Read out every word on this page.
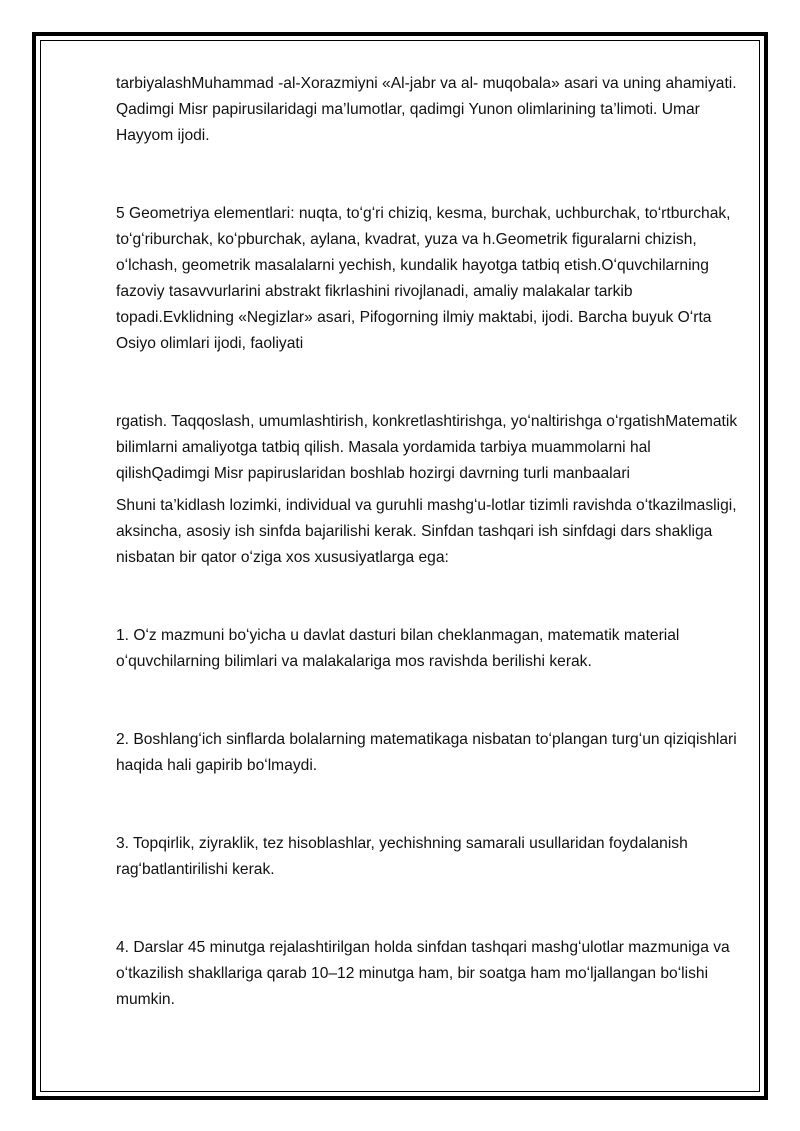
tarbiyalashMuhammad -al-Xorazmiyni «Al-jabr va al- muqobala» asari va uning ahamiyati. Qadimgi Misr papirusilaridagi ma’lumotlar, qadimgi Yunon olimlarining ta’limoti. Umar Hayyom ijodi.

5 Geometriya elementlari: nuqta, toʻgʻri chiziq, kesma, burchak, uchburchak, toʻrtburchak, toʻgʻriburchak, koʻpburchak, aylana, kvadrat, yuza va h.Geometrik figuralarni chizish, oʻlchash, geometrik masalalarni yechish, kundalik hayotga tatbiq etish.Oʻquvchilarning fazoviy tasavvurlarini abstrakt fikrlashini rivojlanadi, amaliy malakalar tarkib topadi.Evklidning «Negizlar» asari, Pifogorning ilmiy maktabi, ijodi. Barcha buyuk Oʻrta Osiyo olimlari ijodi, faoliyati

rgatish. Taqqoslash, umumlashtirish, konkretlashtirishga, yoʻnaltirishga oʻrgatishMatematik bilimlarni amaliyotga tatbiq qilish. Masala yordamida tarbiya muammolarni hal qilishQadimgi Misr papiruslaridan boshlab hozirgi davrning turli manbaalari

Shuni ta’kidlash lozimki, individual va guruhli mashgʻu-lotlar tizimli ravishda oʻtkazilmasligi, aksincha, asosiy ish sinfda bajarilishi kerak. Sinfdan tashqari ish sinfdagi dars shakliga nisbatan bir qator oʻziga xos xususiyatlarga ega:

1. Oʻz mazmuni boʻyicha u davlat dasturi bilan cheklanmagan, matematik material oʻquvchilarning bilimlari va malakalariga mos ravishda berilishi kerak.

2. Boshlangʻich sinflarda bolalarning matematikaga nisbatan toʻplangan turgʻun qiziqishlari haqida hali gapirib boʻlmaydi.

3. Topqirlik, ziyraklik, tez hisoblashlar, yechishning samarali usullaridan foydalanish ragʻbatlantirilishi kerak.

4. Darslar 45 minutga rejalashtirilgan holda sinfdan tashqari mashgʻulotlar mazmuniga va oʻtkazilish shakllariga qarab 10–12 minutga ham, bir soatga ham moʻljallangan boʻlishi mumkin.
